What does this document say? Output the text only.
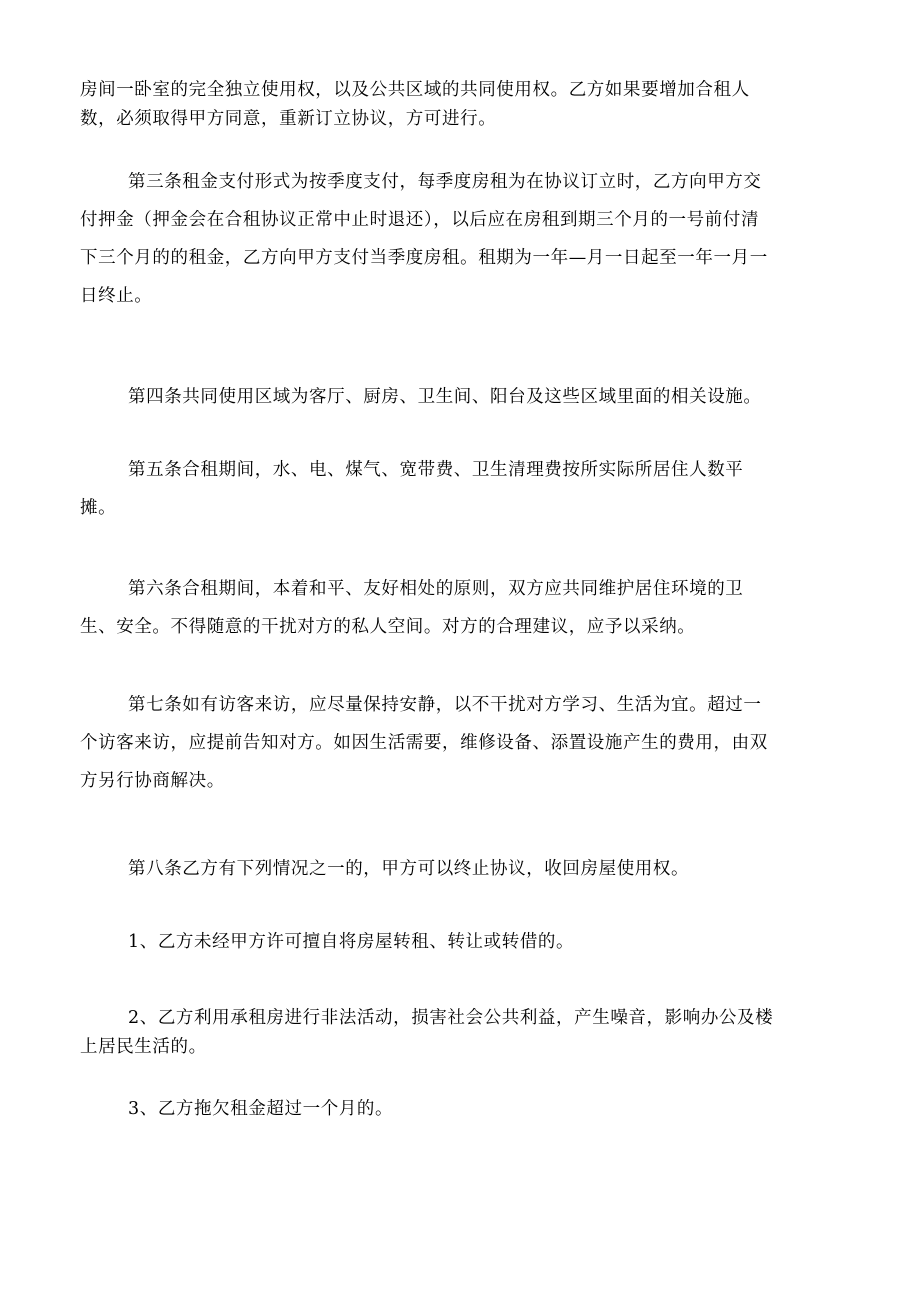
房间一卧室的完全独立使用权，以及公共区域的共同使用权。乙方如果要增加合租人
数，必须取得甲方同意，重新订立协议，方可进行。
第三条租金支付形式为按季度支付，每季度房租为在协议订立时，乙方向甲方交
付押金（押金会在合租协议正常中止时退还），以后应在房租到期三个月的一号前付清
下三个月的的租金，乙方向甲方支付当季度房租。租期为一年—月一日起至一年一月一
日终止。
第四条共同使用区域为客厅、厨房、卫生间、阳台及这些区域里面的相关设施。
第五条合租期间，水、电、煤气、宽带费、卫生清理费按所实际所居住人数平
摊。
第六条合租期间，本着和平、友好相处的原则，双方应共同维护居住环境的卫
生、安全。不得随意的干扰对方的私人空间。对方的合理建议，应予以采纳。
第七条如有访客来访，应尽量保持安静，以不干扰对方学习、生活为宜。超过一
个访客来访，应提前告知对方。如因生活需要，维修设备、添置设施产生的费用，由双
方另行协商解决。
第八条乙方有下列情况之一的，甲方可以终止协议，收回房屋使用权。
1、乙方未经甲方许可擅自将房屋转租、转让或转借的。
2、乙方利用承租房进行非法活动，损害社会公共利益，产生噪音，影响办公及楼
上居民生活的。
3、乙方拖欠租金超过一个月的。
